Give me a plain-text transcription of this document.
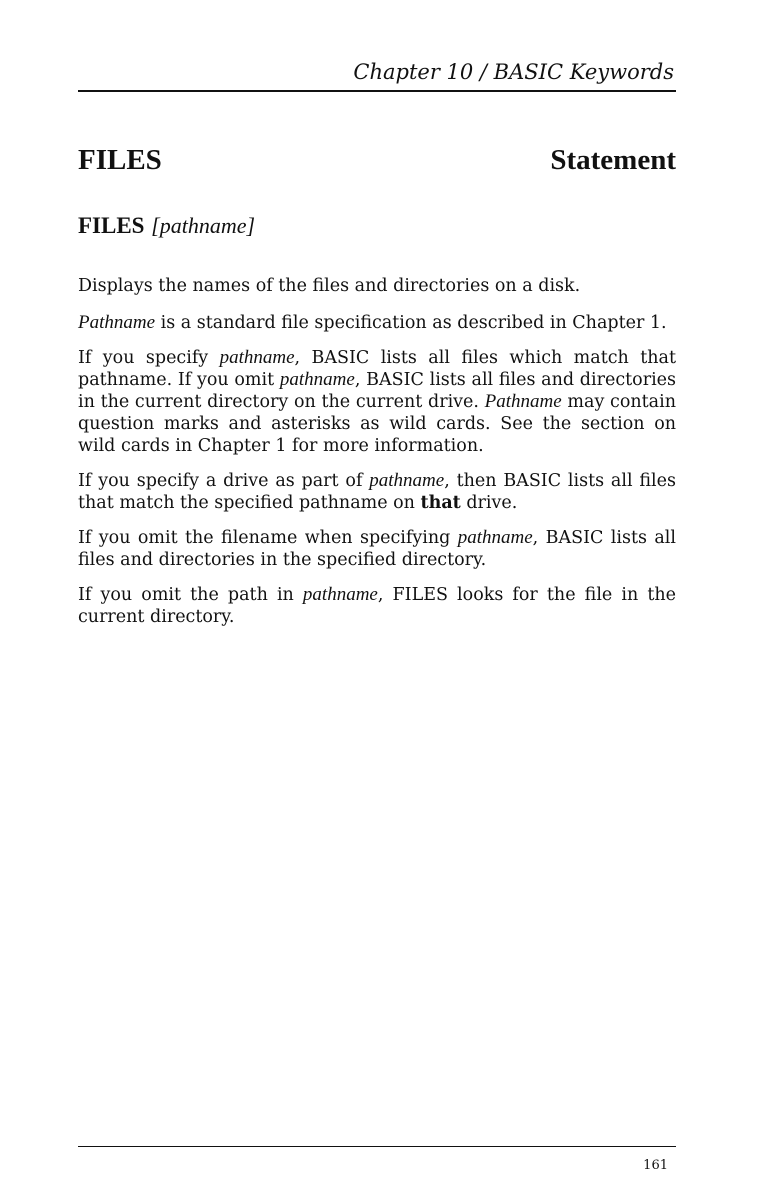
Chapter 10 / BASIC Keywords
FILES	Statement
FILES [pathname]

Displays the names of the files and directories on a disk.

Pathname is a standard file specification as described in Chapter 1.

If you specify pathname, BASIC lists all files which match that pathname. If you omit pathname, BASIC lists all files and directories in the current directory on the current drive. Pathname may contain question marks and asterisks as wild cards. See the section on wild cards in Chapter 1 for more information.

If you specify a drive as part of pathname, then BASIC lists all files that match the specified pathname on that drive.

If you omit the filename when specifying pathname, BASIC lists all files and directories in the specified directory.

If you omit the path in pathname, FILES looks for the file in the current directory.

161
